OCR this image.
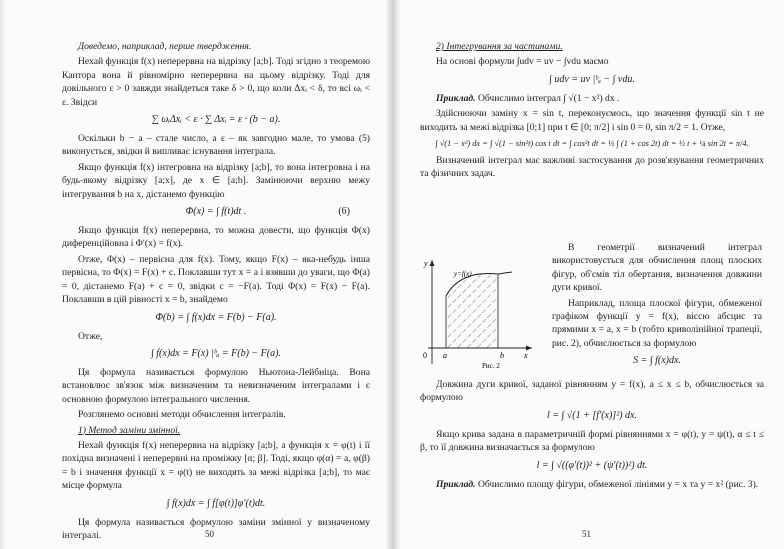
Доведемо, наприклад, перше твердження.

Нехай функція f(x) неперервна на відрізку [a;b]. Тоді згідно з теоремою Кантора вона й рівномірно неперервна на цьому відрізку. Тоді для довільного ε > 0 завжди знайдеться таке δ > 0, що коли Δxᵢ < δ, то всі ωᵢ < ε. Звідси

∑ ωᵢΔxᵢ < ε · ∑ Δxᵢ = ε · (b − a).

Оскільки b − a – стале число, а ε – як завгодно мале, то умова (5) виконується, звідки й випливає існування інтеграла.

Якщо функція f(x) інтегровна на відрізку [a;b], то вона інтегровна і на будь-якому відрізку [a;x], де x ∈ [a;b]. Замінюючи верхню межу інтегрування b на x, дістанемо функцію

Φ(x) = ∫ f(t)dt .	(6)

Якщо функція f(x) неперервна, то можна довести, що функція Φ(x) диференційовна і Φ′(x) = f(x).

Отже, Φ(x) – первісна для f(x). Тому, якщо F(x) – яка-небудь інша первісна, то Φ(x) = F(x) + c. Поклавши тут x = a і взявши до уваги, що Φ(a) = 0, дістанемо F(a) + c = 0, звідки c = −F(a). Тоді Φ(x) = F(x) − F(a). Поклавши в цій рівності x = b, знайдемо

Φ(b) = ∫ f(x)dx = F(b) − F(a).

Отже,

∫ f(x)dx = F(x) |ᵇₐ = F(b) − F(a).

Ця формула називається формулою Ньютона-Лейбніца. Вона встановлює зв'язок між визначеним та невизначеним інтегралами і є основною формулою інтегрального числення.

Розглянемо основні методи обчислення інтегралів.

1) Метод заміни змінної.

Нехай функція f(x) неперервна на відрізку [a;b], а функція x = φ(t) і її похідна визначені і неперервні на проміжку [α; β]. Тоді, якщо φ(α) = a, φ(β) = b і значення функції x = φ(t) не виходять за межі відрізка [a;b], то має місце формула

∫ f(x)dx = ∫ f[φ(t)]φ′(t)dt.

Ця формула називається формулою заміни змінної у визначеному інтегралі.	50

2) Інтегрування за частинами.

На основі формули ∫udv = uv − ∫vdu маємо

∫ udv = uv |ᵇₐ − ∫ vdu.

Приклад. Обчислимо інтеграл ∫ √(1 − x²) dx .

Здійснюючи заміну x = sin t, переконуємось, що значення функції sin t не виходить за межі відрізка [0;1] при t ∈ [0; π/2] і sin 0 = 0, sin π/2 = 1. Отже,

∫ √(1 − x²) dx = ∫ √(1 − sin²t) cos t dt = ∫ cos²t dt = ½ ∫ (1 + cos 2t) dt = ½ t + ¼ sin 2t = π/4.

Визначений інтеграл має важливі застосування до розв'язування геометричних та фізичних задач.

В геометрії визначений інтеграл використовується для обчислення площ плоских фігур, об'ємів тіл обертання, визначення довжини дуги кривої.

Наприклад, площа плоскої фігури, обмеженої графіком функції y = f(x), віссю абсцис та прямими x = a, x = b (тобто криволінійної трапеції, рис. 2), обчислюється за формулою

S = ∫ f(x)dx.
y
y=f(x)
0 a	b	x
Рис. 2

Довжина дуги кривої, заданої рівнянням y = f(x), a ≤ x ≤ b, обчислюється за формулою

l = ∫ √(1 + [f′(x)]²) dx.

Якщо крива задана в параметричній формі рівняннями x = φ(t), y = ψ(t), α ≤ t ≤ β, то її довжина визначається за формулою

l = ∫ √((φ′(t))² + (ψ′(t))²) dt.

Приклад. Обчислимо площу фігури, обмеженої лініями y = x та y = x² (рис. 3).

51
